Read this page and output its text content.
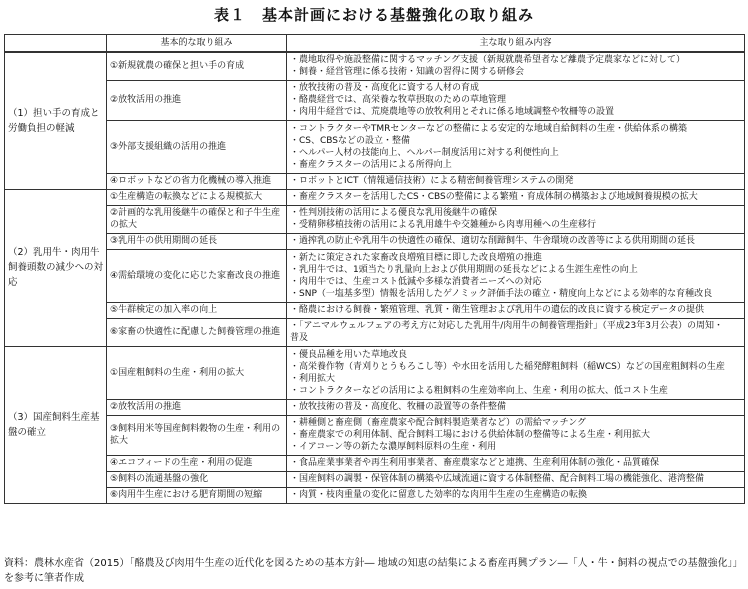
表１　基本計画における基盤強化の取り組み
	基本的な取り組み	主な取り組み内容
（1）担い手の育成と労働負担の軽減	①新規就農の確保と担い手の育成	・農地取得や施設整備に関するマッチング支援（新規就農希望者など離農予定農家などに対して）
・飼養・経営管理に係る技術・知識の習得に関する研修会

	②放牧活用の推進	・放牧技術の普及・高度化に資する人材の育成
・酪農経営では、高栄養な牧草摂取のための草地管理
・肉用牛経営では、荒廃農地等の放牧利用とそれに係る地域調整や牧柵等の設置

	③外部支援組織の活用の推進	・コントラクターやTMRセンターなどの整備による安定的な地域自給飼料の生産・供給体系の構築
・CS、CBSなどの設立・整備
・ヘルパー人材の技能向上、ヘルパー制度活用に対する利便性向上
・畜産クラスターの活用による所得向上

	④ロボットなどの省力化機械の導入推進	・ロボットとICT（情報通信技術）による精密飼養管理システムの開発

（2）乳用牛・肉用牛飼養頭数の減少への対応	①生産構造の転換などによる規模拡大	・畜産クラスターを活用したCS・CBSの整備による繁殖・育成体制の構築および地域飼養規模の拡大

	②計画的な乳用後継牛の確保と和子牛生産の拡大	・性判別技術の活用による優良な乳用後継牛の確保
・受精卵移植技術の活用による乳用雄牛や交雑種から肉専用種への生産移行

	③乳用牛の供用期間の延長	・過搾乳の防止や乳用牛の快適性の確保、適切な削蹄飼牛、牛舎環境の改善等による供用期間の延長

	④需給環境の変化に応じた家畜改良の推進	・新たに策定された家畜改良増殖目標に即した改良増殖の推進
・乳用牛では、1頭当たり乳量向上および供用期間の延長などによる生涯生産性の向上
・肉用牛では、生産コスト低減や多様な消費者ニーズへの対応
・SNP（一塩基多型）情報を活用したゲノミック評価手法の確立・精度向上などによる効率的な育種改良

	⑤牛群検定の加入率の向上	・酪農における飼養・繁殖管理、乳質・衛生管理および乳用牛の遺伝的改良に資する検定データの提供

	⑥家畜の快適性に配慮した飼養管理の推進	・「アニマルウェルフェアの考え方に対応した乳用牛/肉用牛の飼養管理指針」（平成23年3月公表）の周知・
普及

（3）国産飼料生産基盤の確立	①国産粗飼料の生産・利用の拡大	・優良品種を用いた草地改良
・高栄養作物（青刈りとうもろこし等）や水田を活用した稲発酵粗飼料（稲WCS）などの国産粗飼料の生産
・利用拡大
・コントラクターなどの活用による粗飼料の生産効率向上、生産・利用の拡大、低コスト生産

	②放牧活用の推進	・放牧技術の普及・高度化、牧柵の設置等の条件整備

	③飼料用米等国産飼料穀物の生産・利用の拡大	・耕種側と畜産側（畜産農家や配合飼料製造業者など）の需給マッチング
・畜産農家での利用体制、配合飼料工場における供給体制の整備等による生産・利用拡大
・イアコーン等の新たな濃厚飼料原料の生産・利用

	④エコフィードの生産・利用の促進	・食品産業事業者や再生利用事業者、畜産農家などと連携、生産利用体制の強化・品質確保

	⑤飼料の流通基盤の強化	・国産飼料の調製・保管体制の構築や広域流通に資する体制整備、配合飼料工場の機能強化、港湾整備

	⑥肉用牛生産における肥育期間の短縮	・肉質・枝肉重量の変化に留意した効率的な肉用牛生産の生産構造の転換
資料：農林水産省（2015）「酪農及び肉用牛生産の近代化を図るための基本方針― 地域の知恵の結集による畜産再興プラン―「人・牛・飼料の視点での基盤強化」」を参考に筆者作成
